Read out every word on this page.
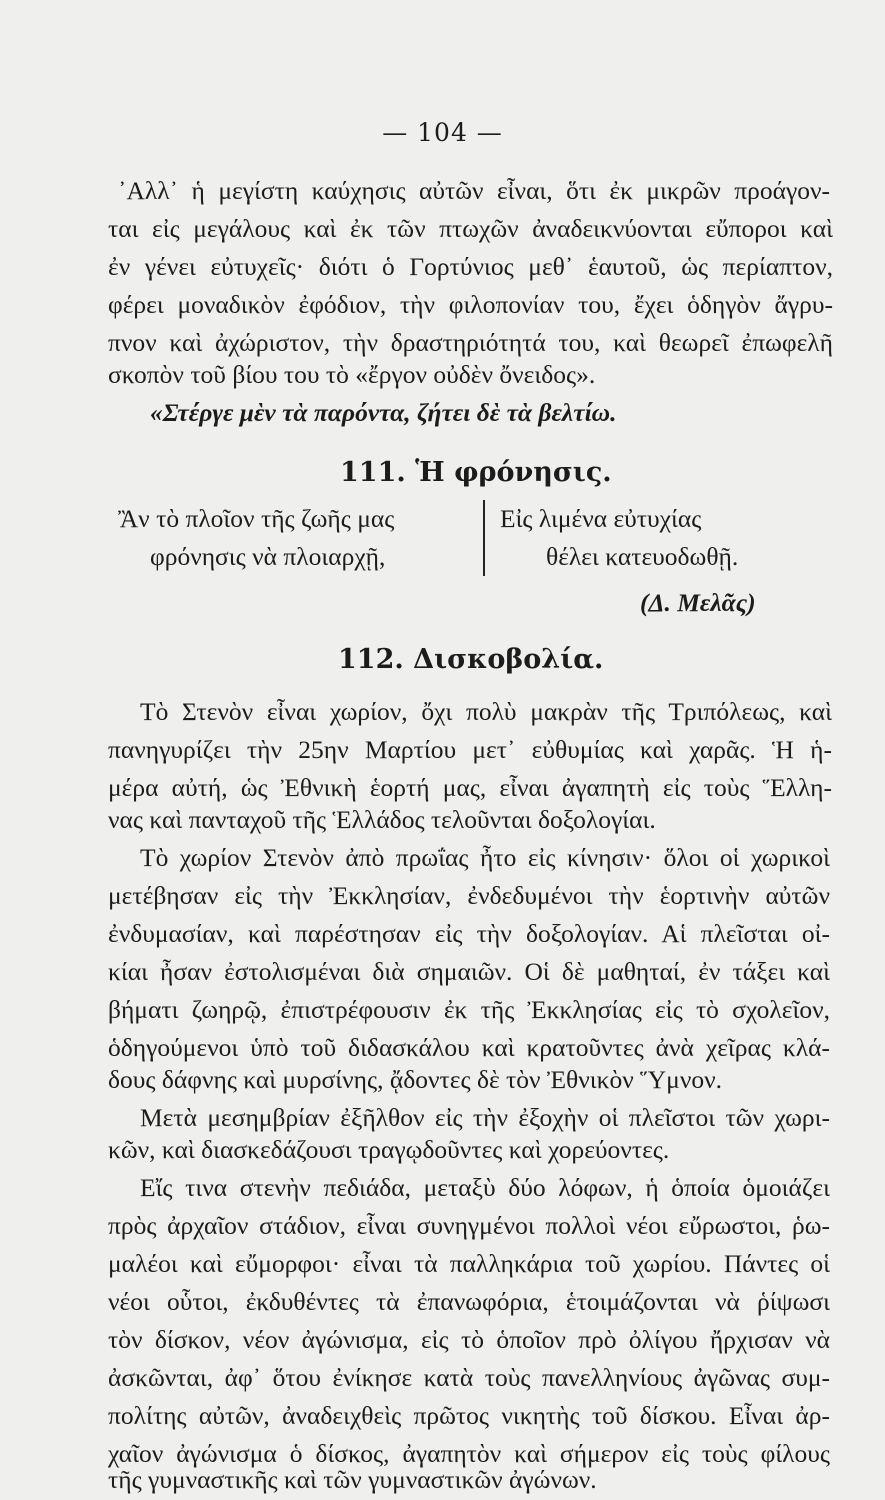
— 104 —
᾿Αλλ᾿ ἡ μεγίστη καύχησις αὐτῶν εἶναι, ὅτι ἐκ μικρῶν προάγον-
ται εἰς μεγάλους καὶ ἐκ τῶν πτωχῶν ἀναδεικνύονται εὔποροι καὶ
ἐν γένει εὐτυχεῖς· διότι ὁ Γορτύνιος μεθ᾿ ἑαυτοῦ, ὡς περίαπτον,
φέρει μοναδικὸν ἐφόδιον, τὴν φιλοπονίαν του, ἔχει ὁδηγὸν ἄγρυ-
πνον καὶ ἀχώριστον, τὴν δραστηριότητά του, καὶ θεωρεῖ ἐπωφελῆ
σκοπὸν τοῦ βίου του τὸ «ἔργον οὐδὲν ὄνειδος».
«Στέργε μὲν τὰ παρόντα, ζήτει δὲ τὰ βελτίω.
111. Ἡ φρόνησις.
Ἂν τὸ πλοῖον τῆς ζωῆς μας
φρόνησις νὰ πλοιαρχῇ,
Εἰς λιμένα εὐτυχίας
θέλει κατευοδωθῇ.
(Δ. Μελᾶς)
112. Δισκοβολία.
Τὸ Στενὸν εἶναι χωρίον, ὄχι πολὺ μακρὰν τῆς Τριπόλεως, καὶ
πανηγυρίζει τὴν 25ην Μαρτίου μετ᾿ εὐθυμίας καὶ χαρᾶς. Ἡ ἡ-
μέρα αὐτή, ὡς Ἐθνικὴ ἑορτή μας, εἶναι ἀγαπητὴ εἰς τοὺς Ἕλλη-
νας καὶ πανταχοῦ τῆς Ἑλλάδος τελοῦνται δοξολογίαι.
Τὸ χωρίον Στενὸν ἀπὸ πρωΐας ἦτο εἰς κίνησιν· ὅλοι οἱ χωρικοὶ
μετέβησαν εἰς τὴν Ἐκκλησίαν, ἐνδεδυμένοι τὴν ἑορτινὴν αὐτῶν
ἐνδυμασίαν, καὶ παρέστησαν εἰς τὴν δοξολογίαν. Αἱ πλεῖσται οἰ-
κίαι ἦσαν ἐστολισμέναι διὰ σημαιῶν. Οἱ δὲ μαθηταί, ἐν τάξει καὶ
βήματι ζωηρῷ, ἐπιστρέφουσιν ἐκ τῆς Ἐκκλησίας εἰς τὸ σχολεῖον,
ὁδηγούμενοι ὑπὸ τοῦ διδασκάλου καὶ κρατοῦντες ἀνὰ χεῖρας κλά-
δους δάφνης καὶ μυρσίνης, ᾄδοντες δὲ τὸν Ἐθνικὸν Ὕμνον.
Μετὰ μεσημβρίαν ἐξῆλθον εἰς τὴν ἐξοχὴν οἱ πλεῖστοι τῶν χωρι-
κῶν, καὶ διασκεδάζουσι τραγῳδοῦντες καὶ χορεύοντες.
Εἴς τινα στενὴν πεδιάδα, μεταξὺ δύο λόφων, ἡ ὁποία ὁμοιάζει
πρὸς ἀρχαῖον στάδιον, εἶναι συνηγμένοι πολλοὶ νέοι εὔρωστοι, ῥω-
μαλέοι καὶ εὔμορφοι· εἶναι τὰ παλληκάρια τοῦ χωρίου. Πάντες οἱ
νέοι οὗτοι, ἐκδυθέντες τὰ ἐπανωφόρια, ἑτοιμάζονται νὰ ῥίψωσι
τὸν δίσκον, νέον ἀγώνισμα, εἰς τὸ ὁποῖον πρὸ ὀλίγου ἤρχισαν νὰ
ἀσκῶνται, ἀφ᾿ ὅτου ἐνίκησε κατὰ τοὺς πανελληνίους ἀγῶνας συμ-
πολίτης αὐτῶν, ἀναδειχθεὶς πρῶτος νικητὴς τοῦ δίσκου. Εἶναι ἀρ-
χαῖον ἀγώνισμα ὁ δίσκος, ἀγαπητὸν καὶ σήμερον εἰς τοὺς φίλους
τῆς γυμναστικῆς καὶ τῶν γυμναστικῶν ἀγώνων.
